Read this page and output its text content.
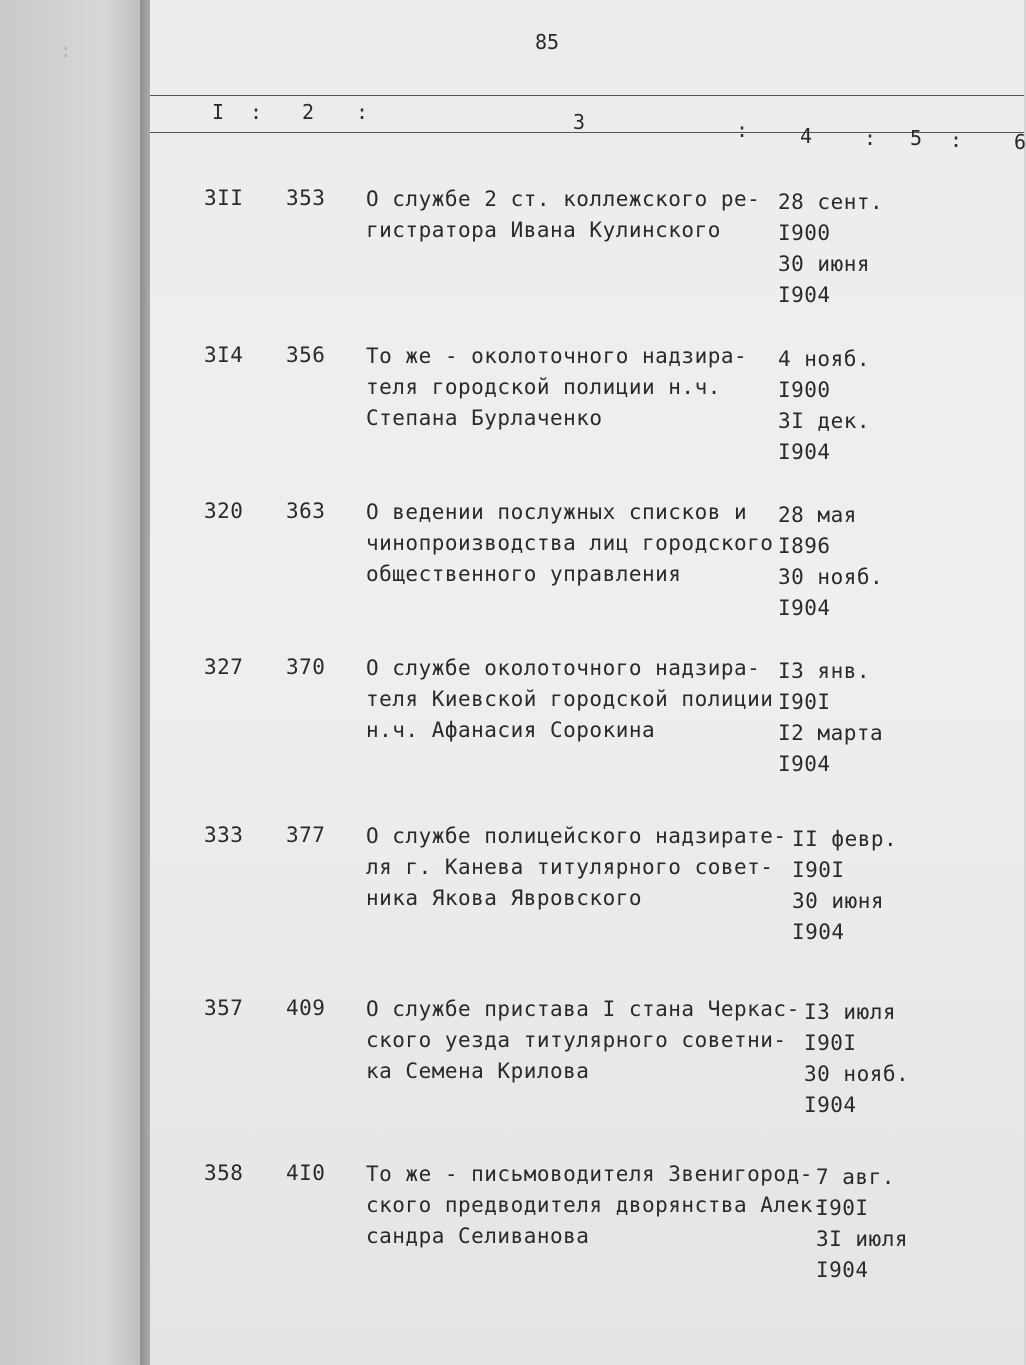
:	85
I : 2 :	3	:	4	: 5 :	6
3II 353 О службе 2 ст. коллежского ре-
гистратора Ивана Кулинского
28 сент.
I900
30 июня
I904
3I4 356 То же - околоточного надзира-
теля городской полиции н.ч.
Степана Бурлаченко
4 нояб.
I900
3I дек.
I904
320 363 О ведении послужных списков и
чинопроизводства лиц городского
общественного управления
28 мая
I896
30 нояб.
I904
327 370 О службе околоточного надзира-
теля Киевской городской полиции
н.ч. Афанасия Сорокина
I3 янв.
I90I
I2 марта
I904
333 377 О службе полицейского надзирате-
ля г. Канева титулярного совет-
ника Якова Явровского
II февр.
I90I
30 июня
I904
357 409 О службе пристава I стана Черкас-
ского уезда титулярного советни-
ка Семена Крилова
I3 июля
I90I
30 нояб.
I904
358 4I0 То же - письмоводителя Звенигород-
ского предводителя дворянства Алек-
сандра Селиванова
7 авг.
I90I
3I июля
I904
